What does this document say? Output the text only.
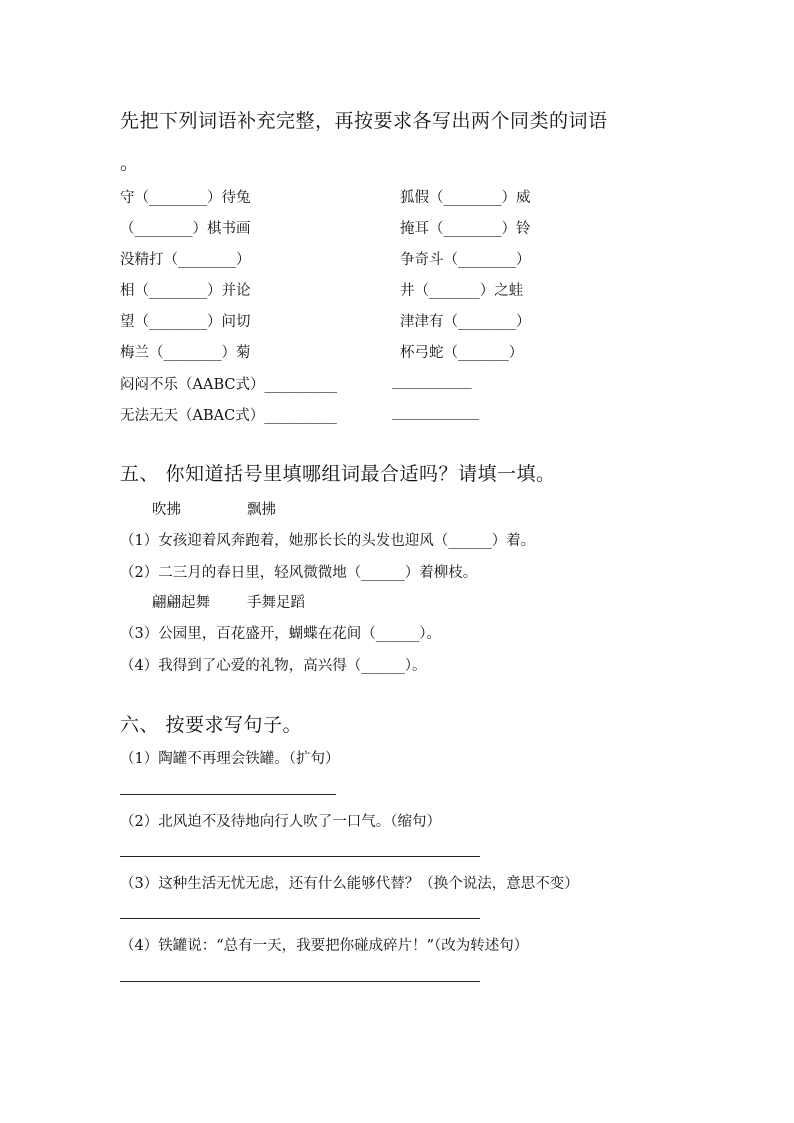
先把下列词语补充完整，再按要求各写出两个同类的词语
。
守（________）待兔
（________）棋书画
没精打（________）
相（________）并论
望（________）问切
梅兰（________）菊
闷闷不乐（AABC式）__________
无法无天（ABAC式）__________
狐假（________）威
掩耳（________）铃
争奇斗（________）
井（_______）之蛙
津津有（________）
杯弓蛇（_______）
___________
____________
五、 你知道括号里填哪组词最合适吗？请填一填。
吹拂	飘拂
（1）女孩迎着风奔跑着，她那长长的头发也迎风（______）着。
（2）二三月的春日里，轻风微微地（______）着柳枝。
翩翩起舞	手舞足蹈
（3）公园里，百花盛开，蝴蝶在花间（______）。
（4）我得到了心爱的礼物，高兴得（______）。
六、 按要求写句子。
（1）陶罐不再理会铁罐。（扩句）
（2）北风迫不及待地向行人吹了一口气。（缩句）
（3）这种生活无忧无虑，还有什么能够代替？（换个说法，意思不变）
（4）铁罐说：“总有一天，我要把你碰成碎片！”（改为转述句）
